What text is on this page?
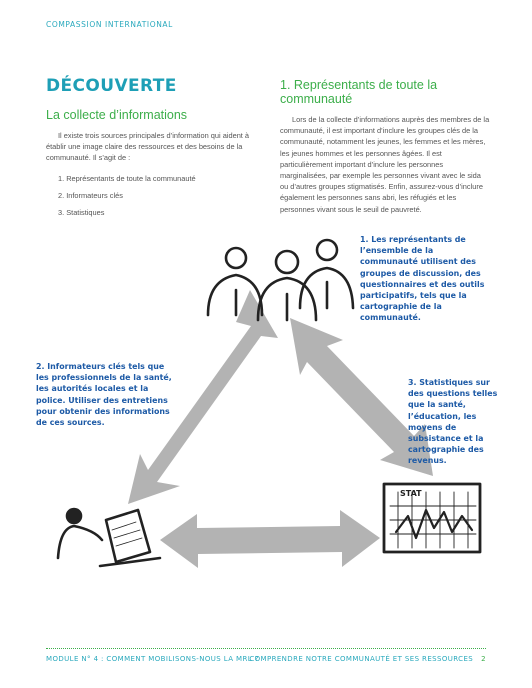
COMPASSION INTERNATIONAL
DÉCOUVERTE
La collecte d’informations

Il existe trois sources principales d’information qui aident à établir une image claire des ressources et des besoins de la communauté. Il s’agit de :

1. Représentants de toute la communauté
2. Informateurs clés
3. Statistiques
1. Représentants de toute la communauté

Lors de la collecte d’informations auprès des membres de la communauté, il est important d’inclure les groupes clés de la communauté, notamment les jeunes, les femmes et les mères, les jeunes hommes et les personnes âgées. Il est particulièrement important d’inclure les personnes marginalisées, par exemple les personnes vivant avec le sida ou d’autres groupes stigmatisés. Enfin, assurez-vous d’inclure également les personnes sans abri, les réfugiés et les personnes vivant sous le seuil de pauvreté.

STAT
1. Les représentants de l’ensemble de la communauté utilisent des groupes de discussion, des questionnaires et des outils participatifs, tels que la cartographie de la communauté.
2. Informateurs clés tels que les professionnels de la santé, les autorités locales et la police. Utiliser des entretiens pour obtenir des informations de ces sources.
3. Statistiques sur des questions telles que la santé, l’éducation, les moyens de subsistance et la cartographie des revenus.
MODULE N° 4 : COMMENT MOBILISONS-NOUS LA MRL ?
COMPRENDRE NOTRE COMMUNAUTÉ ET SES RESSOURCES 2
